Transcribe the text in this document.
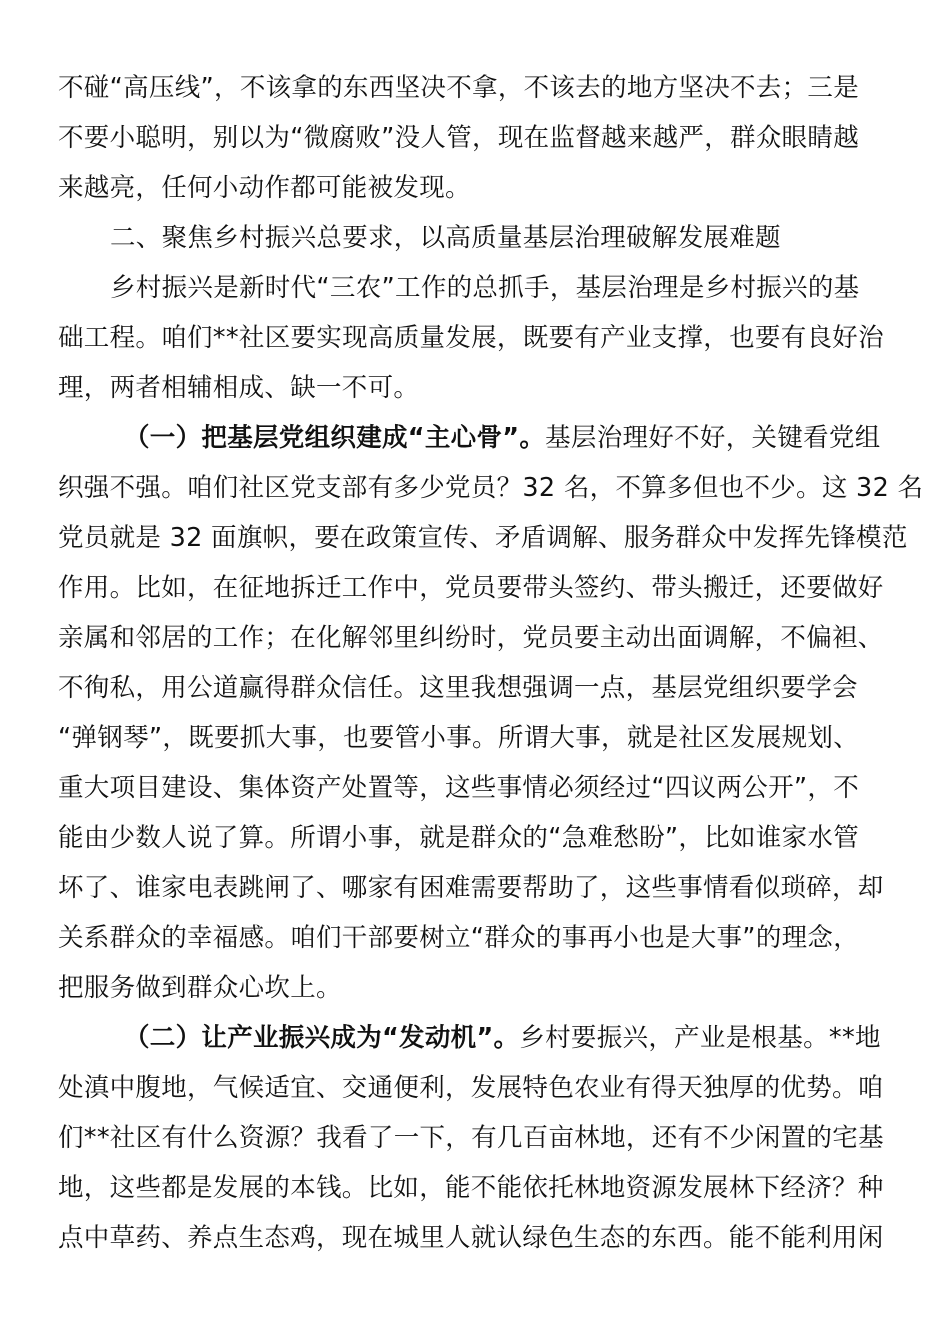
不碰“高压线”，不该拿的东西坚决不拿，不该去的地方坚决不去；三是
不要小聪明，别以为“微腐败”没人管，现在监督越来越严，群众眼睛越
来越亮，任何小动作都可能被发现。
二、聚焦乡村振兴总要求，以高质量基层治理破解发展难题
乡村振兴是新时代“三农”工作的总抓手，基层治理是乡村振兴的基
础工程。咱们**社区要实现高质量发展，既要有产业支撑，也要有良好治
理，两者相辅相成、缺一不可。
（一）把基层党组织建成“主心骨”。基层治理好不好，关键看党组
织强不强。咱们社区党支部有多少党员？32 名，不算多但也不少。这 32 名
党员就是 32 面旗帜，要在政策宣传、矛盾调解、服务群众中发挥先锋模范
作用。比如，在征地拆迁工作中，党员要带头签约、带头搬迁，还要做好
亲属和邻居的工作；在化解邻里纠纷时，党员要主动出面调解，不偏袒、
不徇私，用公道赢得群众信任。这里我想强调一点，基层党组织要学会
“弹钢琴”，既要抓大事，也要管小事。所谓大事，就是社区发展规划、
重大项目建设、集体资产处置等，这些事情必须经过“四议两公开”，不
能由少数人说了算。所谓小事，就是群众的“急难愁盼”，比如谁家水管
坏了、谁家电表跳闸了、哪家有困难需要帮助了，这些事情看似琐碎，却
关系群众的幸福感。咱们干部要树立“群众的事再小也是大事”的理念，
把服务做到群众心坎上。
（二）让产业振兴成为“发动机”。乡村要振兴，产业是根基。**地
处滇中腹地，气候适宜、交通便利，发展特色农业有得天独厚的优势。咱
们**社区有什么资源？我看了一下，有几百亩林地，还有不少闲置的宅基
地，这些都是发展的本钱。比如，能不能依托林地资源发展林下经济？种
点中草药、养点生态鸡，现在城里人就认绿色生态的东西。能不能利用闲
